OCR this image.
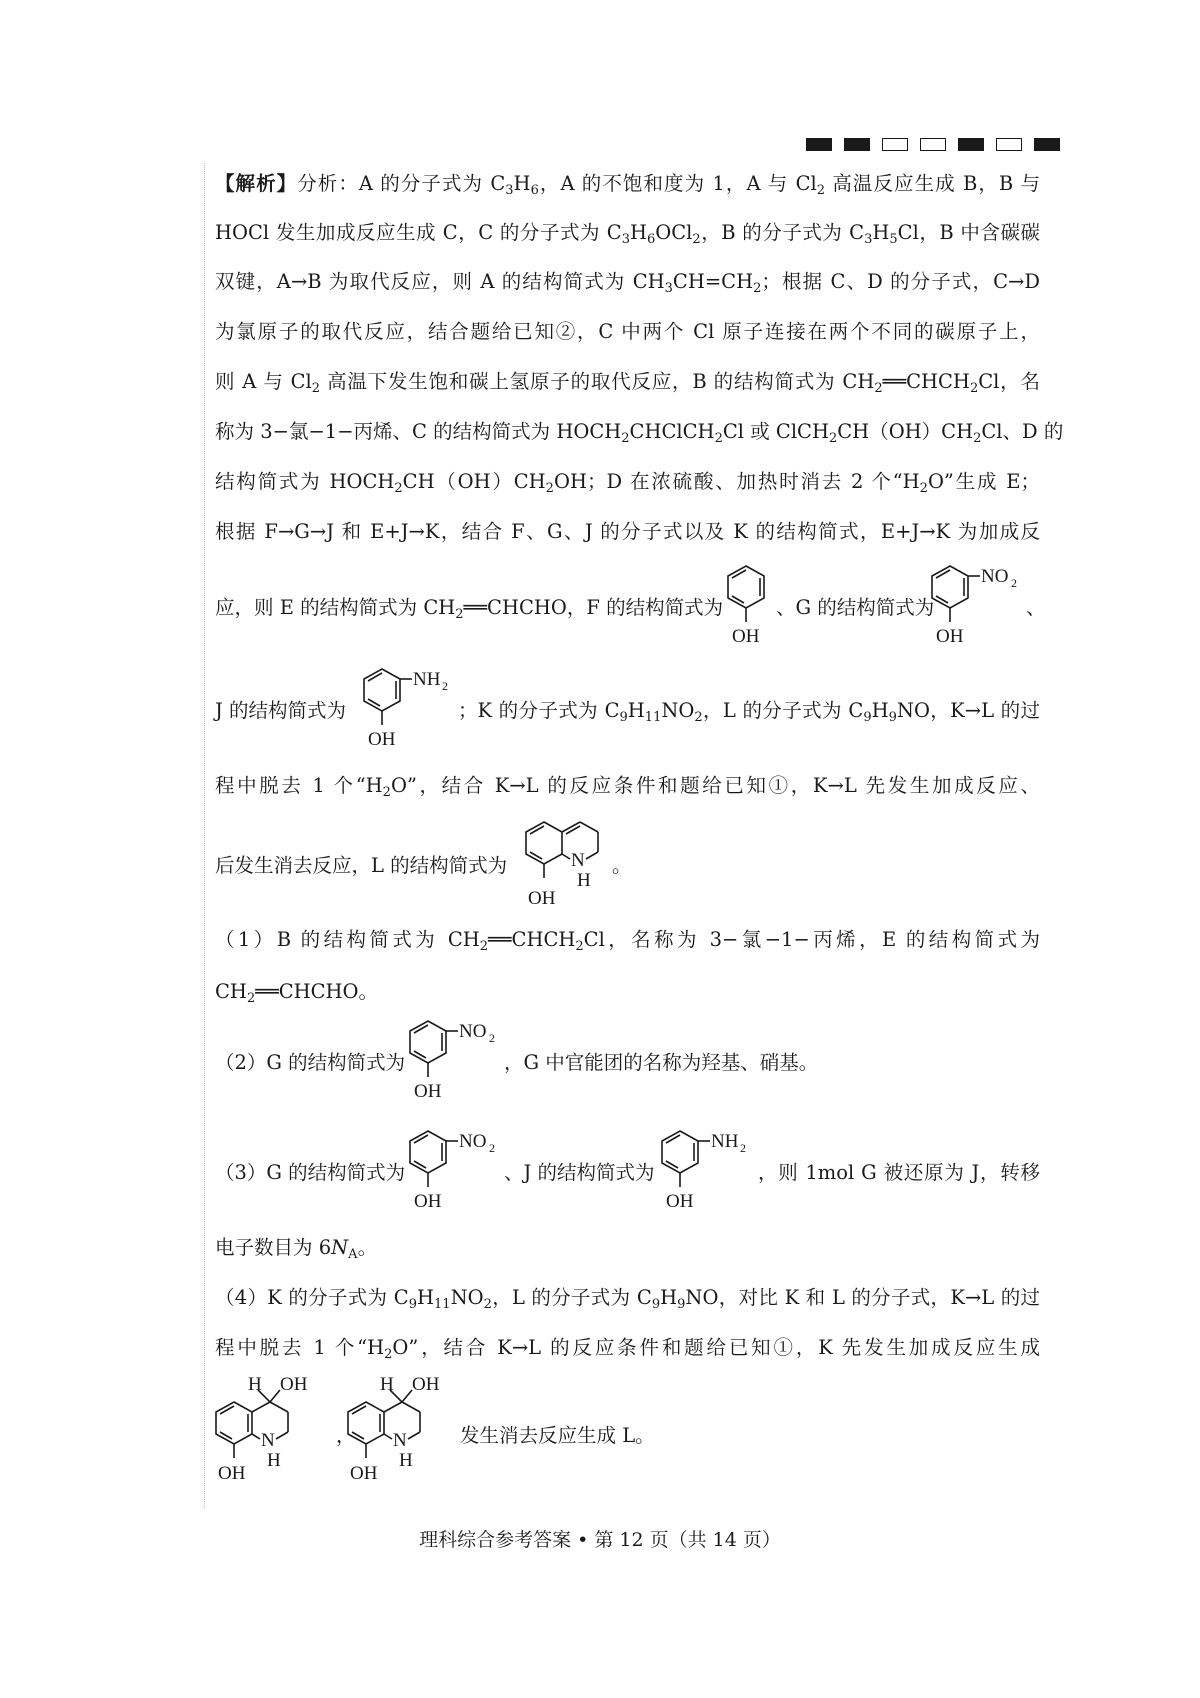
【解析】分析：A 的分子式为 $C_3H_6$，A 的不饱和度为 1，A 与 $Cl_2$ 高温反应生成 B，B 与
HOCl 发生加成反应生成 C，C 的分子式为 $C_3H_6OCl_2$，B 的分子式为 $C_3H_5Cl$，B 中含碳碳
双键，A→B 为取代反应，则 A 的结构简式为 $CH_3CH=CH_2$；根据 C、D 的分子式，C→D
为氯原子的取代反应，结合题给已知②，C 中两个 Cl 原子连接在两个不同的碳原子上，
则 A 与 $Cl_2$ 高温下发生饱和碳上氢原子的取代反应，B 的结构简式为 $CH_2══CHCH_2Cl$，名
称为 3−氯−1−丙烯、C 的结构简式为 $HOCH_2CHClCH_2Cl$ 或 $ClCH_2CH(OH)CH_2Cl$、D 的
结构简式为 $HOCH_2CH(OH)CH_2OH$；D 在浓硫酸、加热时消去 2 个“$H_2O$”生成 E；
根据 F→G→J 和 E+J→K，结合 F、G、J 的分子式以及 K 的结构简式，E+J→K 为加成反
应，则 E 的结构简式为 $CH_2══CHCHO$，F 的结构简式为
OH
、G 的结构简式为
OH
NO 2
、
J 的结构简式为
OH
NH 2
；K 的分子式为 $C_9H_{11}NO_2$，L 的分子式为 $C_9H_9NO$，K→L 的过
程中脱去 1 个“$H_2O$”，结合 K→L 的反应条件和题给已知①，K→L 先发生加成反应、
后发生消去反应，L 的结构简式为	N
H
OH
。
（1）B 的结构简式为 $CH_2══CHCH_2Cl$，名称为 3−氯−1−丙烯，E 的结构简式为
$CH_2══CHCHO$。
（2）G 的结构简式为
OH
NO 2
，G 中官能团的名称为羟基、硝基。
（3）G 的结构简式为
OH
NO 2
、J 的结构简式为
OH
NH 2
，则 1mol G 被还原为 J，转移
电子数目为 $6N_A$。
（4）K 的分子式为 $C_9H_{11}NO_2$，L 的分子式为 $C_9H_9NO$，对比 K 和 L 的分子式，K→L 的过
程中脱去 1 个“$H_2O$”，结合 K→L 的反应条件和题给已知①，K 先发生加成反应生成
H OH
N
H
OH
，
H OH
N
H
OH
发生消去反应生成 L。
理科综合参考答案 • 第 12 页（共 14 页）
